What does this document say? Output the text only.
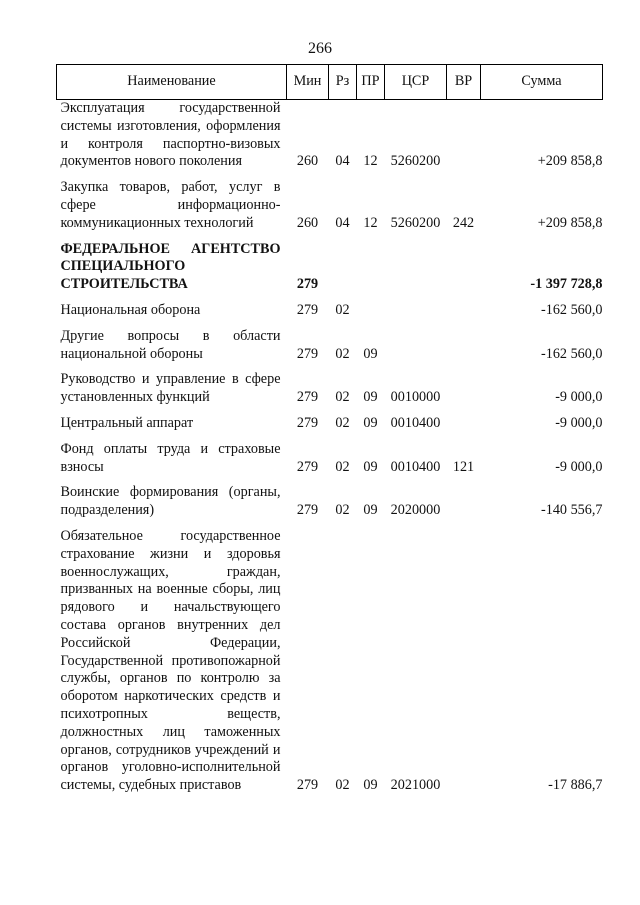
266
Наименование	Мин	Рз	ПР	ЦСР	ВР	Сумма
Эксплуатация государственной системы изготовления, оформления и контроля паспортно-визовых документов нового поколения	260	04	12	5260200		+209 858,8

Закупка товаров, работ, услуг в сфере информационно-коммуникационных технологий	260	04	12	5260200	242	+209 858,8

ФЕДЕРАЛЬНОЕ АГЕНТСТВО СПЕЦИАЛЬНОГО СТРОИТЕЛЬСТВА	279					-1 397 728,8

Национальная оборона	279	02				-162 560,0

Другие вопросы в области национальной обороны	279	02	09			-162 560,0

Руководство и управление в сфере установленных функций	279	02	09	0010000		-9 000,0

Центральный аппарат	279	02	09	0010400		-9 000,0

Фонд оплаты труда и страховые взносы	279	02	09	0010400	121	-9 000,0

Воинские формирования (органы, подразделения)	279	02	09	2020000		-140 556,7

Обязательное государственное страхование жизни и здоровья военнослужащих, граждан, призванных на военные сборы, лиц рядового и начальствующего состава органов внутренних дел Российской Федерации, Государственной противопожарной службы, органов по контролю за оборотом наркотических средств и психотропных веществ, должностных лиц таможенных органов, сотрудников учреждений и органов уголовно-исполнительной системы, судебных приставов	279	02	09	2021000		-17 886,7
